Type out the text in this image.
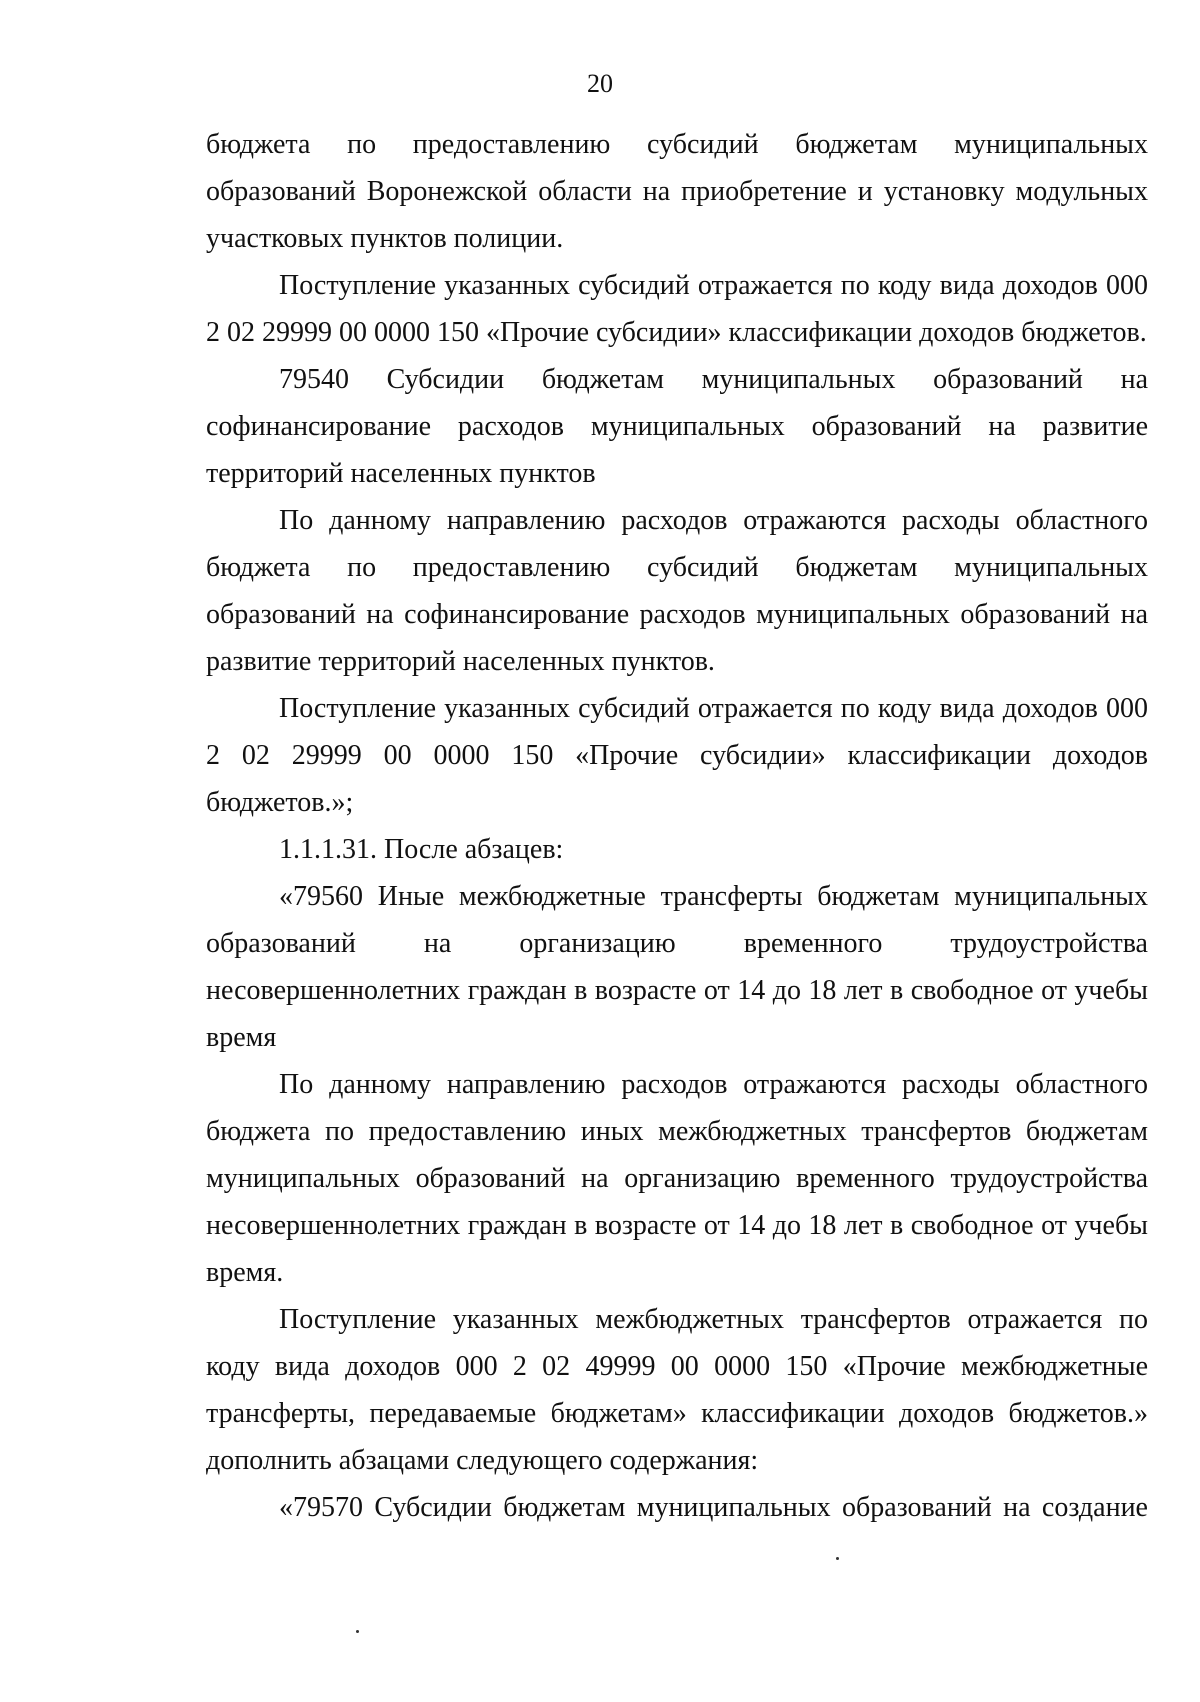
20

бюджета по предоставлению субсидий бюджетам муниципальных образований Воронежской области на приобретение и установку модульных участковых пунктов полиции.

Поступление указанных субсидий отражается по коду вида доходов 000 2 02 29999 00 0000 150 «Прочие субсидии» классификации доходов бюджетов.

79540 Субсидии бюджетам муниципальных образований на софинансирование расходов муниципальных образований на развитие территорий населенных пунктов

По данному направлению расходов отражаются расходы областного бюджета по предоставлению субсидий бюджетам муниципальных образований на софинансирование расходов муниципальных образований на развитие территорий населенных пунктов.

Поступление указанных субсидий отражается по коду вида доходов 000 2 02 29999 00 0000 150 «Прочие субсидии» классификации доходов бюджетов.»;

1.1.1.31. После абзацев:

«79560 Иные межбюджетные трансферты бюджетам муниципальных образований на организацию временного трудоустройства несовершеннолетних граждан в возрасте от 14 до 18 лет в свободное от учебы время

По данному направлению расходов отражаются расходы областного бюджета по предоставлению иных межбюджетных трансфертов бюджетам муниципальных образований на организацию временного трудоустройства несовершеннолетних граждан в возрасте от 14 до 18 лет в свободное от учебы время.

Поступление указанных межбюджетных трансфертов отражается по коду вида доходов 000 2 02 49999 00 0000 150 «Прочие межбюджетные трансферты, передаваемые бюджетам» классификации доходов бюджетов.» дополнить абзацами следующего содержания:

«79570 Субсидии бюджетам муниципальных образований на создание
